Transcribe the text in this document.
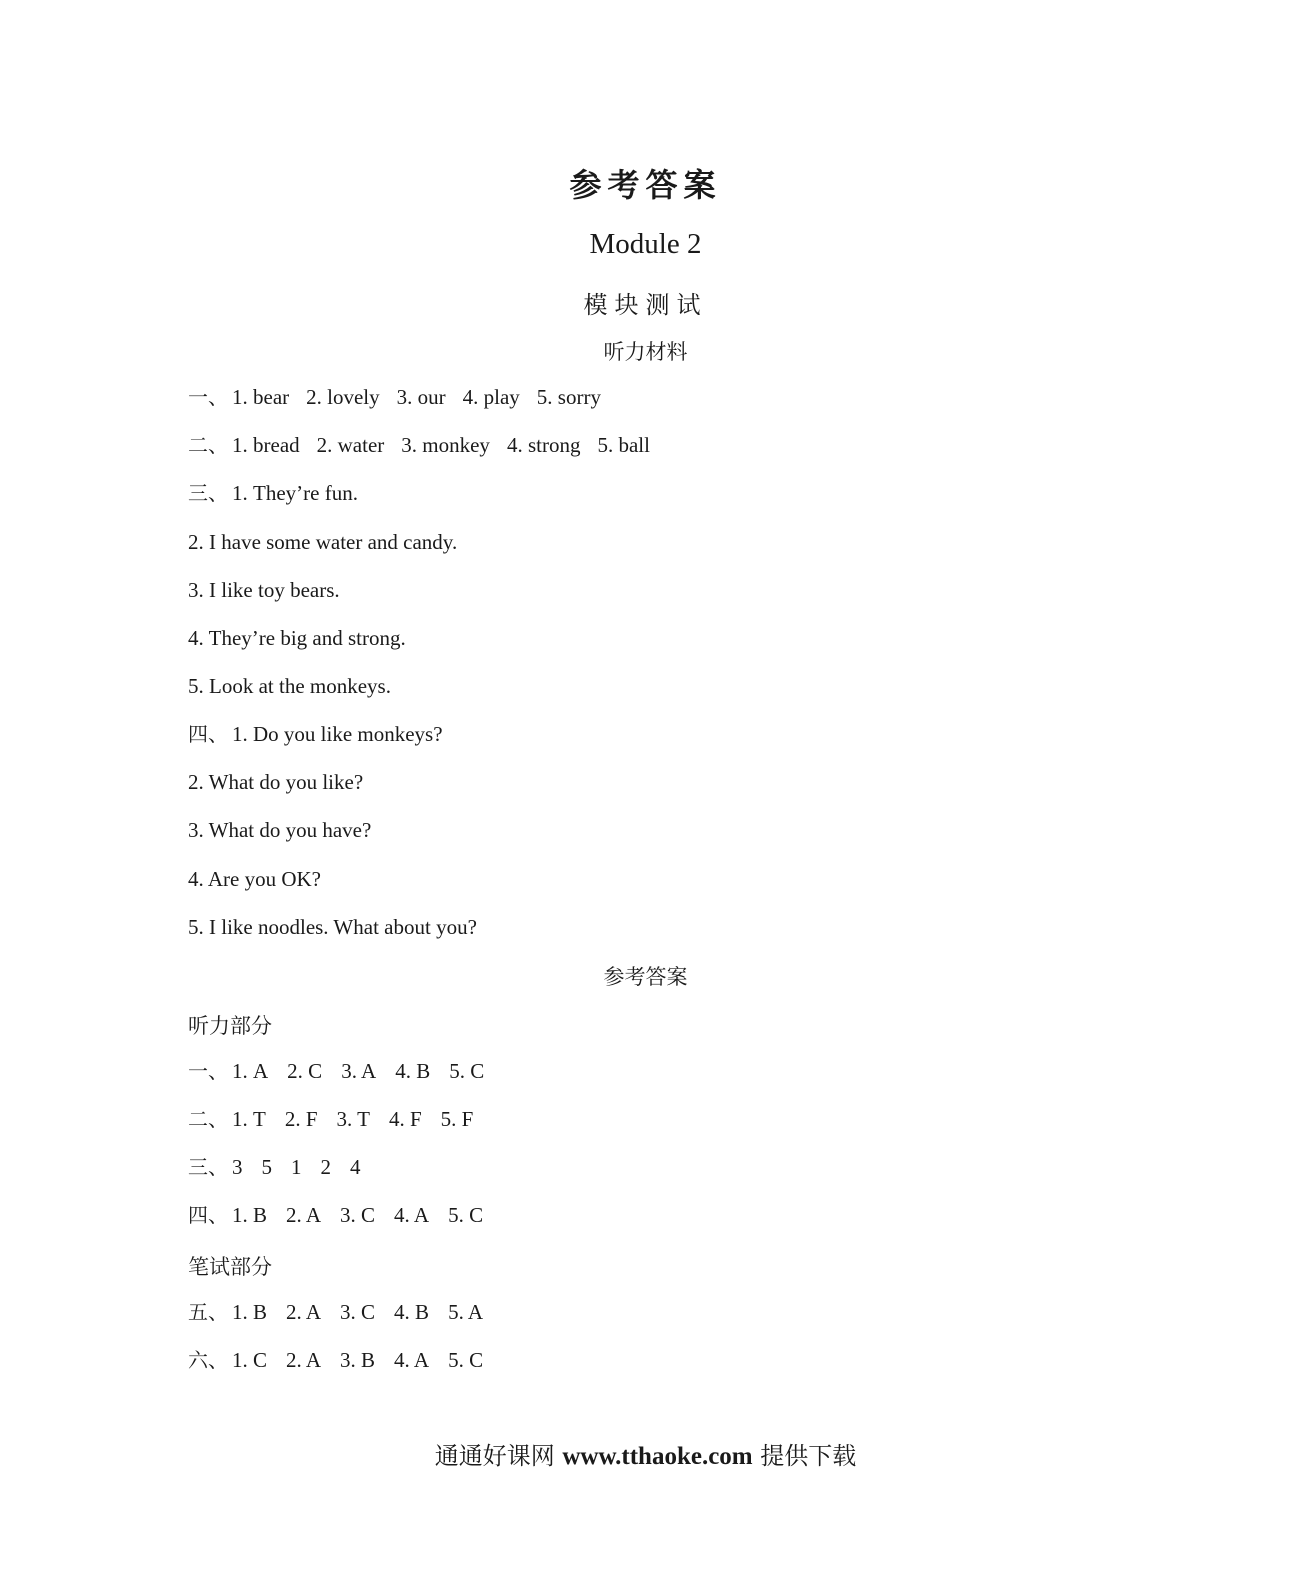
参考答案
Module 2
模块测试
听力材料
一、 1. bear 2. lovely 3. our 4. play 5. sorry
二、 1. bread 2. water 3. monkey 4. strong 5. ball
三、 1. They’re fun.
2. I have some water and candy.
3. I like toy bears.
4. They’re big and strong.
5. Look at the monkeys.
四、 1. Do you like monkeys?
2. What do you like?
3. What do you have?
4. Are you OK?
5. I like noodles. What about you?
参考答案
听力部分
一、 1. A 2. C 3. A 4. B 5. C
二、 1. T 2. F 3. T 4. F 5. F
三、 3 5 1 2 4
四、 1. B 2. A 3. C 4. A 5. C
笔试部分
五、 1. B 2. A 3. C 4. B 5. A
六、 1. C 2. A 3. B 4. A 5. C
通通好课网 www.tthaoke.com 提供下载
